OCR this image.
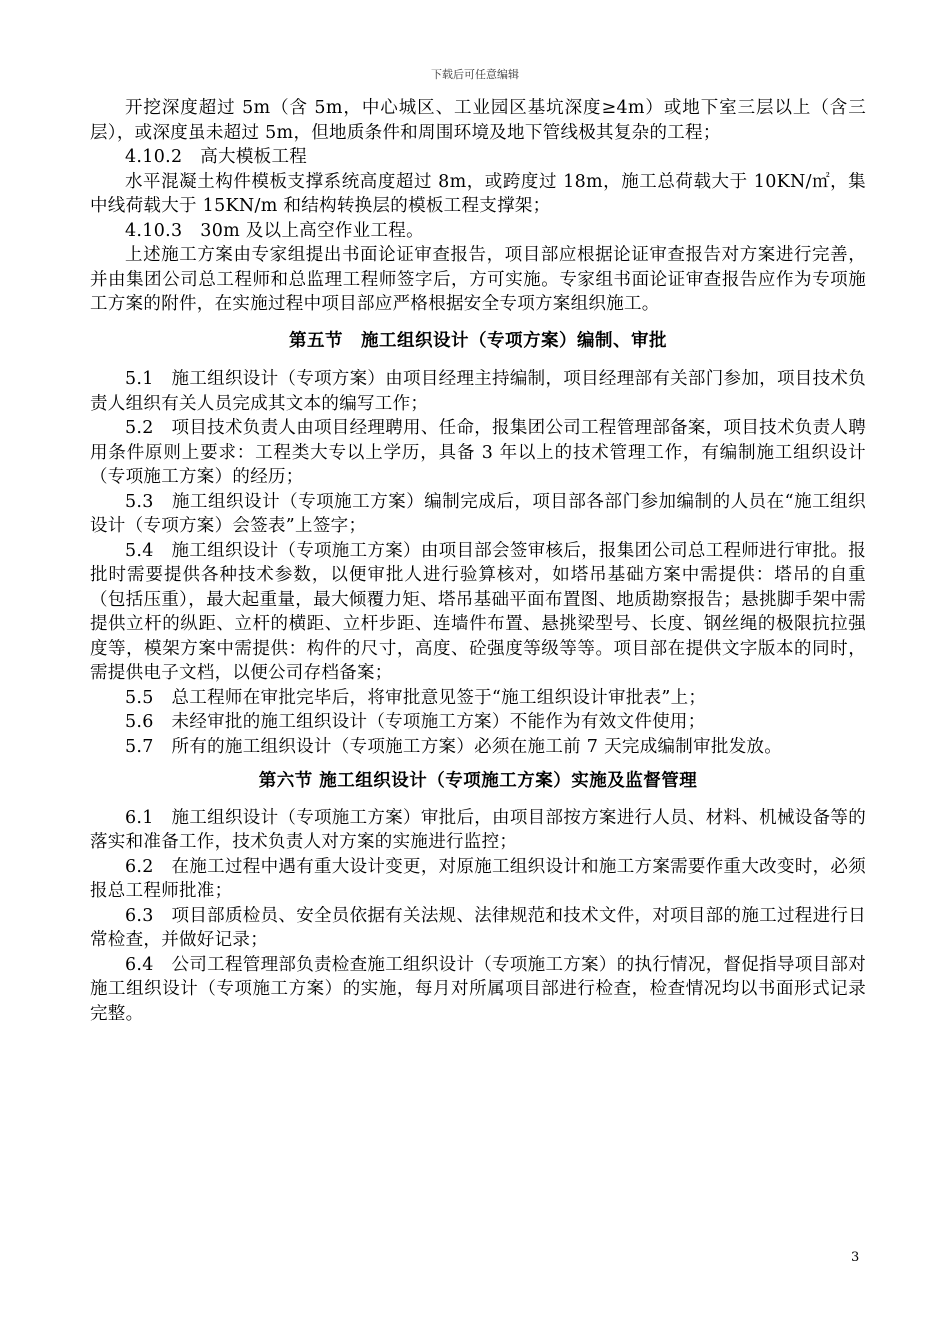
下载后可任意编辑

开挖深度超过 5m（含 5m，中心城区、工业园区基坑深度≥4m）或地下室三层以上（含三层），或深度虽未超过 5m，但地质条件和周围环境及地下管线极其复杂的工程；

4.10.2　高大模板工程

水平混凝土构件模板支撑系统高度超过 8m，或跨度过 18m，施工总荷载大于 10KN/㎡，集中线荷载大于 15KN/m 和结构转换层的模板工程支撑架；

4.10.3　30m 及以上高空作业工程。

上述施工方案由专家组提出书面论证审查报告，项目部应根据论证审查报告对方案进行完善，并由集团公司总工程师和总监理工程师签字后，方可实施。专家组书面论证审查报告应作为专项施工方案的附件，在实施过程中项目部应严格根据安全专项方案组织施工。

第五节　施工组织设计（专项方案）编制、审批

5.1　施工组织设计（专项方案）由项目经理主持编制，项目经理部有关部门参加，项目技术负责人组织有关人员完成其文本的编写工作；

5.2　项目技术负责人由项目经理聘用、任命，报集团公司工程管理部备案，项目技术负责人聘用条件原则上要求：工程类大专以上学历，具备 3 年以上的技术管理工作，有编制施工组织设计（专项施工方案）的经历；

5.3　施工组织设计（专项施工方案）编制完成后，项目部各部门参加编制的人员在“施工组织设计（专项方案）会签表”上签字；

5.4　施工组织设计（专项施工方案）由项目部会签审核后，报集团公司总工程师进行审批。报批时需要提供各种技术参数，以便审批人进行验算核对，如塔吊基础方案中需提供：塔吊的自重（包括压重），最大起重量，最大倾覆力矩、塔吊基础平面布置图、地质勘察报告；悬挑脚手架中需提供立杆的纵距、立杆的横距、立杆步距、连墙件布置、悬挑梁型号、长度、钢丝绳的极限抗拉强度等，模架方案中需提供：构件的尺寸，高度、砼强度等级等等。项目部在提供文字版本的同时，需提供电子文档，以便公司存档备案；

5.5　总工程师在审批完毕后，将审批意见签于“施工组织设计审批表”上；

5.6　未经审批的施工组织设计（专项施工方案）不能作为有效文件使用；

5.7　所有的施工组织设计（专项施工方案）必须在施工前 7 天完成编制审批发放。

第六节 施工组织设计（专项施工方案）实施及监督管理

6.1　施工组织设计（专项施工方案）审批后，由项目部按方案进行人员、材料、机械设备等的落实和准备工作，技术负责人对方案的实施进行监控；

6.2　在施工过程中遇有重大设计变更，对原施工组织设计和施工方案需要作重大改变时，必须报总工程师批准；

6.3　项目部质检员、安全员依据有关法规、法律规范和技术文件，对项目部的施工过程进行日常检查，并做好记录；

6.4　公司工程管理部负责检查施工组织设计（专项施工方案）的执行情况，督促指导项目部对施工组织设计（专项施工方案）的实施，每月对所属项目部进行检查，检查情况均以书面形式记录完整。

3
